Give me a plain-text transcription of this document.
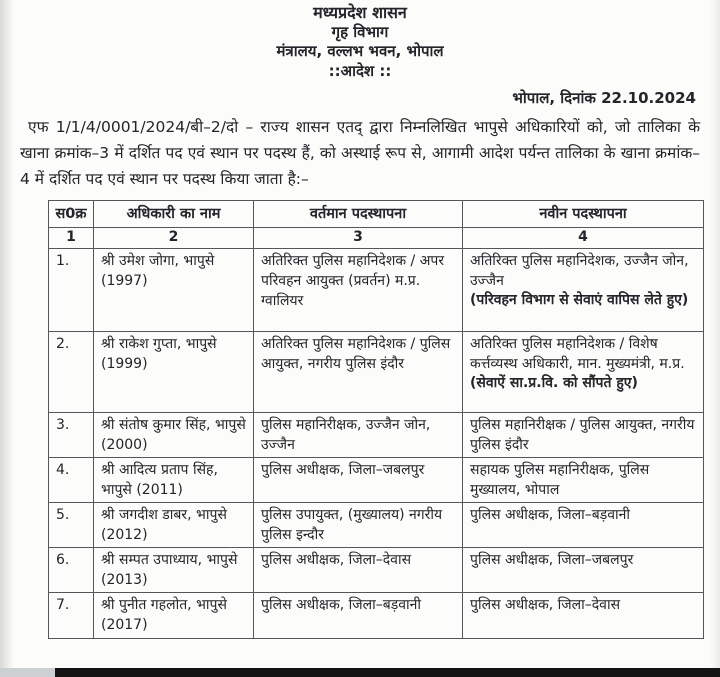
मध्यप्रदेश शासन
गृह विभाग
मंत्रालय, वल्लभ भवन, भोपाल
::आदेश ::
भोपाल, दिनांक 22.10.2024

एफ 1/1/4/0001/2024/बी–2/दो – राज्य शासन एतद् द्वारा निम्नलिखित भापुसे अधिकारियों को, जो तालिका के खाना क्रमांक–3 में दर्शित पद एवं स्थान पर पदस्थ हैं, को अस्थाई रूप से, आगामी आदेश पर्यन्त तालिका के खाना क्रमांक–4 में दर्शित पद एवं स्थान पर पदस्थ किया जाता है:–

स0क्र	अधिकारी का नाम	वर्तमान पदस्थापना	नवीन पदस्थापना
1	2	3	4
1.	श्री उमेश जोगा, भापुसे (1997)	अतिरिक्त पुलिस महानिदेशक / अपर परिवहन आयुक्त (प्रवर्तन) म.प्र. ग्वालियर	अतिरिक्त पुलिस महानिदेशक, उज्जैन जोन, उज्जैन
(परिवहन विभाग से सेवाएं वापिस लेते हुए)

2.	श्री राकेश गुप्ता, भापुसे (1999)	अतिरिक्त पुलिस महानिदेशक / पुलिस आयुक्त, नगरीय पुलिस इंदौर	अतिरिक्त पुलिस महानिदेशक / विशेष कर्त्तव्यस्थ अधिकारी, मान. मुख्यमंत्री, म.प्र.
(सेवाऐं सा.प्र.वि. को सौंपते हुए)

3.	श्री संतोष कुमार सिंह, भापुसे (2000)	पुलिस महानिरीक्षक, उज्जैन जोन, उज्जैन	पुलिस महानिरीक्षक / पुलिस आयुक्त, नगरीय पुलिस इंदौर

4.	श्री आदित्य प्रताप सिंह, भापुसे (2011)	पुलिस अधीक्षक, जिला–जबलपुर	सहायक पुलिस महानिरीक्षक, पुलिस मुख्यालय, भोपाल

5.	श्री जगदीश डाबर, भापुसे (2012)	पुलिस उपायुक्त, (मुख्यालय) नगरीय पुलिस इन्दौर	पुलिस अधीक्षक, जिला–बड़वानी

6.	श्री सम्पत उपाध्याय, भापुसे (2013)	पुलिस अधीक्षक, जिला–देवास	पुलिस अधीक्षक, जिला–जबलपुर

7.	श्री पुनीत गहलोत, भापुसे (2017)	पुलिस अधीक्षक, जिला–बड़वानी	पुलिस अधीक्षक, जिला–देवास
